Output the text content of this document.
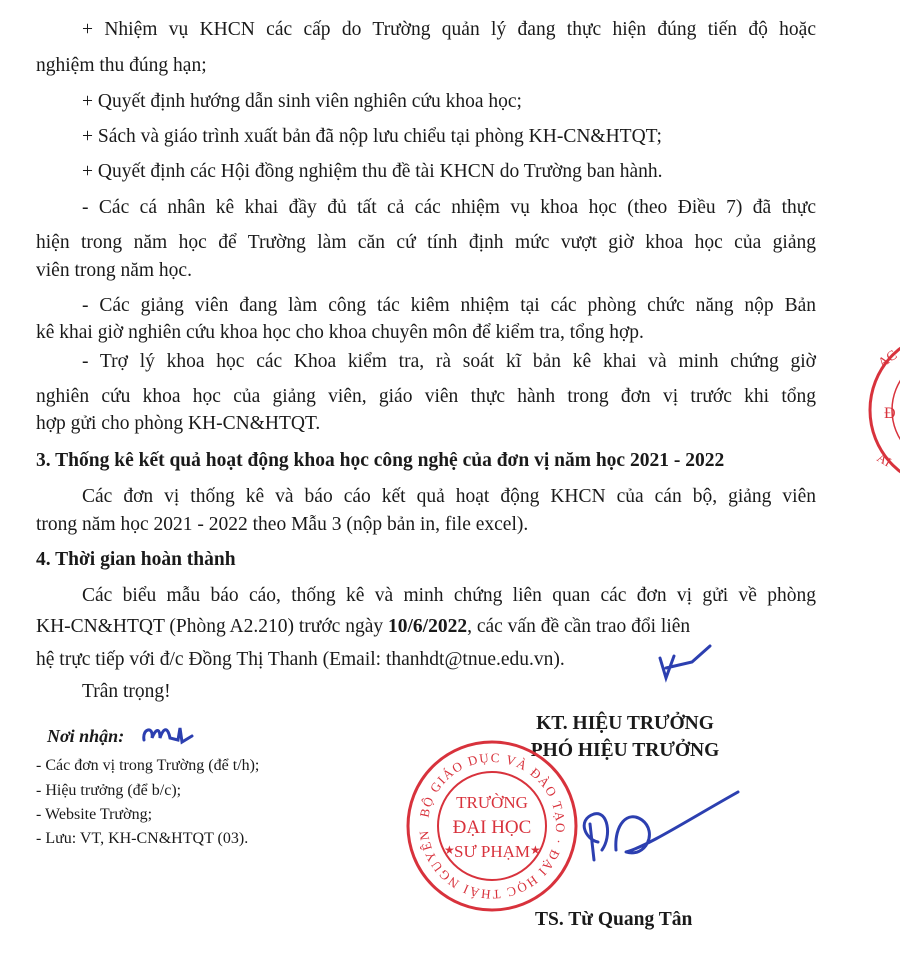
+ Nhiệm vụ KHCN các cấp do Trường quản lý đang thực hiện đúng tiến độ hoặc
nghiệm thu đúng hạn;
+ Quyết định hướng dẫn sinh viên nghiên cứu khoa học;
+ Sách và giáo trình xuất bản đã nộp lưu chiểu tại phòng KH-CN&HTQT;
+ Quyết định các Hội đồng nghiệm thu đề tài KHCN do Trường ban hành.
- Các cá nhân kê khai đầy đủ tất cả các nhiệm vụ khoa học (theo Điều 7) đã thực
hiện trong năm học để Trường làm căn cứ tính định mức vượt giờ khoa học của giảng
viên trong năm học.
- Các giảng viên đang làm công tác kiêm nhiệm tại các phòng chức năng nộp Bản
kê khai giờ nghiên cứu khoa học cho khoa chuyên môn để kiểm tra, tổng hợp.
- Trợ lý khoa học các Khoa kiểm tra, rà soát kĩ bản kê khai và minh chứng giờ
nghiên cứu khoa học của giảng viên, giáo viên thực hành trong đơn vị trước khi tổng
hợp gửi cho phòng KH-CN&HTQT.
3. Thống kê kết quả hoạt động khoa học công nghệ của đơn vị năm học 2021 - 2022
Các đơn vị thống kê và báo cáo kết quả hoạt động KHCN của cán bộ, giảng viên
trong năm học 2021 - 2022 theo Mẫu 3 (nộp bản in, file excel).
4. Thời gian hoàn thành
Các biểu mẫu báo cáo, thống kê và minh chứng liên quan các đơn vị gửi về phòng
KH-CN&HTQT (Phòng A2.210) trước ngày 10/6/2022, các vấn đề cần trao đổi liên
hệ trực tiếp với đ/c Đồng Thị Thanh (Email: thanhdt@tnue.edu.vn).
Trân trọng!
Nơi nhận:
- Các đơn vị trong Trường (để t/h);
- Hiệu trưởng (để b/c);
- Website Trường;
- Lưu: VT, KH-CN&HTQT (03).
KT. HIỆU TRƯỞNG
PHÓ HIỆU TRƯỞNG
BỘ GIÁO DỤC VÀ ĐÀO TẠO · ĐẠI HỌC THÁI NGUYÊN
TRƯỜNG
ĐẠI HỌC
SƯ PHẠM
★	★
TS. Từ Quang Tân
AC
Đ
AI
